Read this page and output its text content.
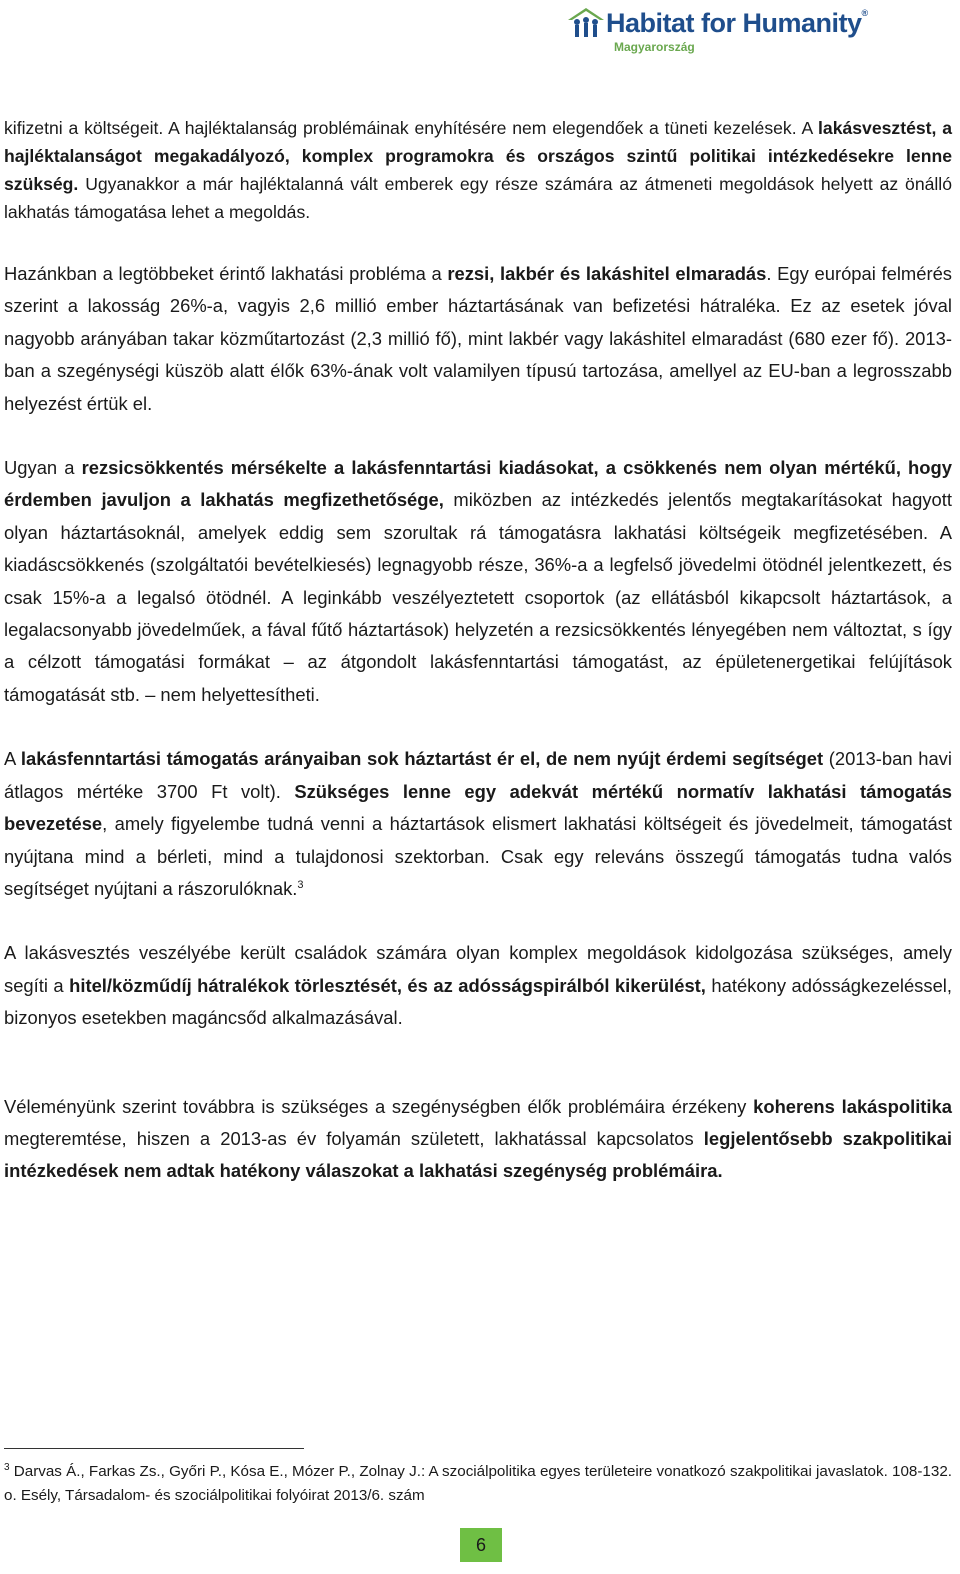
Habitat for Humanity®
Magyarország

kifizetni a költségeit. A hajléktalanság problémáinak enyhítésére nem elegendőek a tüneti kezelések. A lakásvesztést, a hajléktalanságot megakadályozó, komplex programokra és országos szintű politikai intézkedésekre lenne szükség. Ugyanakkor a már hajléktalanná vált emberek egy része számára az átmeneti megoldások helyett az önálló lakhatás támogatása lehet a megoldás.

Hazánkban a legtöbbeket érintő lakhatási probléma a rezsi, lakbér és lakáshitel elmaradás. Egy európai felmérés szerint a lakosság 26%-a, vagyis 2,6 millió ember háztartásának van befizetési hátraléka. Ez az esetek jóval nagyobb arányában takar közműtartozást (2,3 millió fő), mint lakbér vagy lakáshitel elmaradást (680 ezer fő). 2013-ban a szegénységi küszöb alatt élők 63%-ának volt valamilyen típusú tartozása, amellyel az EU-ban a legrosszabb helyezést értük el.

Ugyan a rezsicsökkentés mérsékelte a lakásfenntartási kiadásokat, a csökkenés nem olyan mértékű, hogy érdemben javuljon a lakhatás megfizethetősége, miközben az intézkedés jelentős megtakarításokat hagyott olyan háztartásoknál, amelyek eddig sem szorultak rá támogatásra lakhatási költségeik megfizetésében. A kiadáscsökkenés (szolgáltatói bevételkiesés) legnagyobb része, 36%-a a legfelső jövedelmi ötödnél jelentkezett, és csak 15%-a a legalsó ötödnél. A leginkább veszélyeztetett csoportok (az ellátásból kikapcsolt háztartások, a legalacsonyabb jövedelműek, a fával fűtő háztartások) helyzetén a rezsicsökkentés lényegében nem változtat, s így a célzott támogatási formákat – az átgondolt lakásfenntartási támogatást, az épületenergetikai felújítások támogatását stb. – nem helyettesítheti.

A lakásfenntartási támogatás arányaiban sok háztartást ér el, de nem nyújt érdemi segítséget (2013-ban havi átlagos mértéke 3700 Ft volt). Szükséges lenne egy adekvát mértékű normatív lakhatási támogatás bevezetése, amely figyelembe tudná venni a háztartások elismert lakhatási költségeit és jövedelmeit, támogatást nyújtana mind a bérleti, mind a tulajdonosi szektorban. Csak egy releváns összegű támogatás tudna valós segítséget nyújtani a rászorulóknak.$^3$

A lakásvesztés veszélyébe került családok számára olyan komplex megoldások kidolgozása szükséges, amely segíti a hitel/közműdíj hátralékok törlesztését, és az adósságspirálból kikerülést, hatékony adósságkezeléssel, bizonyos esetekben magáncsőd alkalmazásával.

Véleményünk szerint továbbra is szükséges a szegénységben élők problémáira érzékeny koherens lakáspolitika megteremtése, hiszen a 2013-as év folyamán született, lakhatással kapcsolatos legjelentősebb szakpolitikai intézkedések nem adtak hatékony válaszokat a lakhatási szegénység problémáira.

$^3$ Darvas Á., Farkas Zs., Győri P., Kósa E., Mózer P., Zolnay J.: A szociálpolitika egyes területeire vonatkozó szakpolitikai javaslatok. 108-132. o. Esély, Társadalom- és szociálpolitikai folyóirat 2013/6. szám
6
